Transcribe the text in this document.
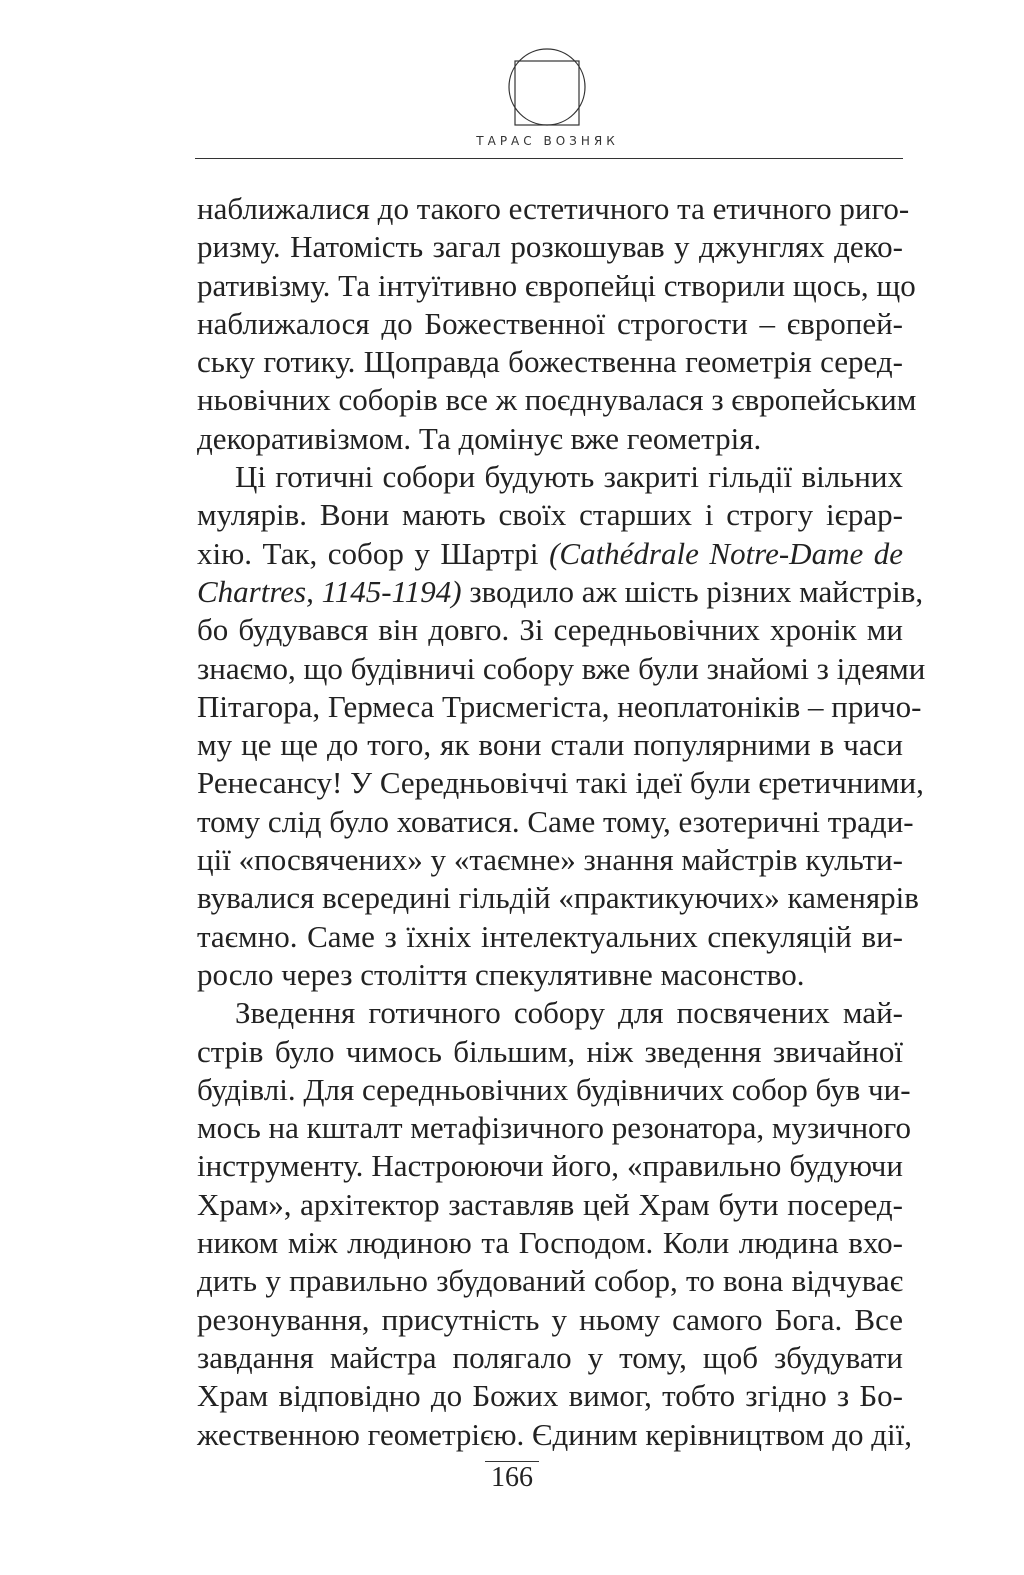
ТАРАС ВОЗНЯК
наближалися до такого естетичного та етичного риго-
ризму. Натомість загал розкошував у джунглях деко-
ративізму. Та інтуїтивно європейці створили щось, що
наближалося до Божественної строгости – європей-
ську готику. Щоправда божественна геометрія серед-
ньовічних соборів все ж поєднувалася з європейським
декоративізмом. Та домінує вже геометрія.
Ці готичні собори будують закриті гільдії вільних
мулярів. Вони мають своїх старших і строгу ієрар-
хію. Так, собор у Шартрі (Cathédrale Notre-Dame de
Chartres, 1145-1194) зводило аж шість різних майстрів,
бо будувався він довго. Зі середньовічних хронік ми
знаємо, що будівничі собору вже були знайомі з ідеями
Пітагора, Гермеса Трисмегіста, неоплатоніків – причо-
му це ще до того, як вони стали популярними в часи
Ренесансу! У Середньовіччі такі ідеї були єретичними,
тому слід було ховатися. Саме тому, езотеричні тради-
ції «посвячених» у «таємне» знання майстрів культи-
вувалися всередині гільдій «практикуючих» каменярів
таємно. Саме з їхніх інтелектуальних спекуляцій ви-
росло через століття спекулятивне масонство.
Зведення готичного собору для посвячених май-
стрів було чимось більшим, ніж зведення звичайної
будівлі. Для середньовічних будівничих собор був чи-
мось на кшталт метафізичного резонатора, музичного
інструменту. Настроюючи його, «правильно будуючи
Храм», архітектор заставляв цей Храм бути посеред-
ником між людиною та Господом. Коли людина вхо-
дить у правильно збудований собор, то вона відчуває
резонування, присутність у ньому самого Бога. Все
завдання майстра полягало у тому, щоб збудувати
Храм відповідно до Божих вимог, тобто згідно з Бо-
жественною геометрією. Єдиним керівництвом до дії,
166
